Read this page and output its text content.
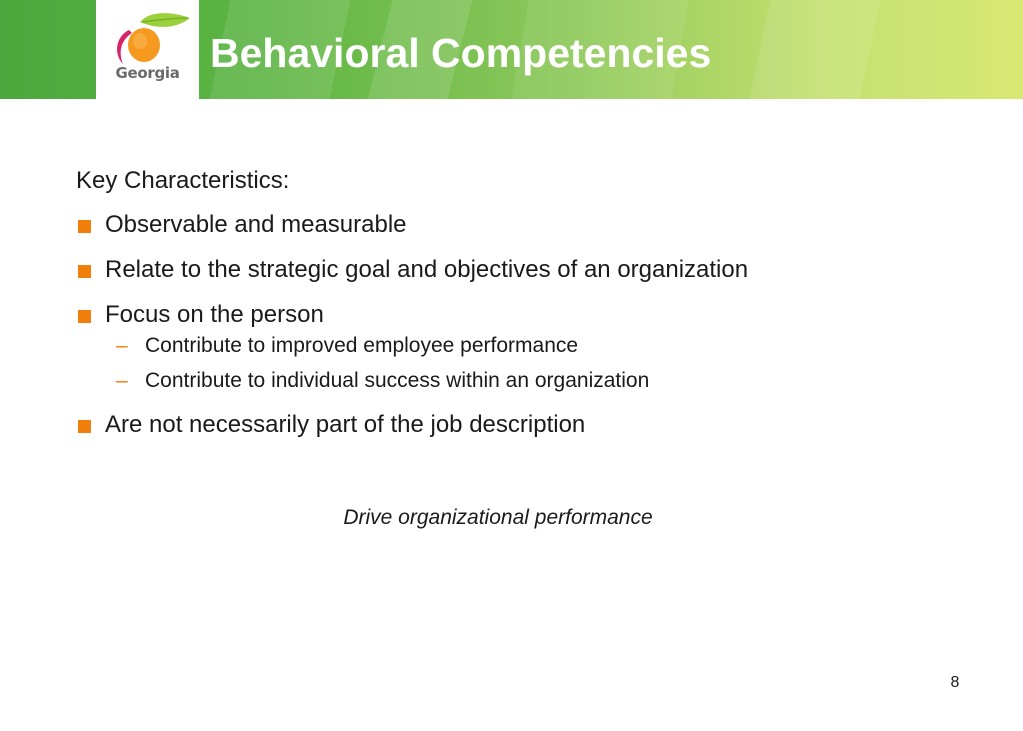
Georgia Behavioral Competencies

Key Characteristics:

Observable and measurable
Relate to the strategic goal and objectives of an organization
Focus on the person
– Contribute to improved employee performance
– Contribute to individual success within an organization
Are not necessarily part of the job description
Drive organizational performance
8
